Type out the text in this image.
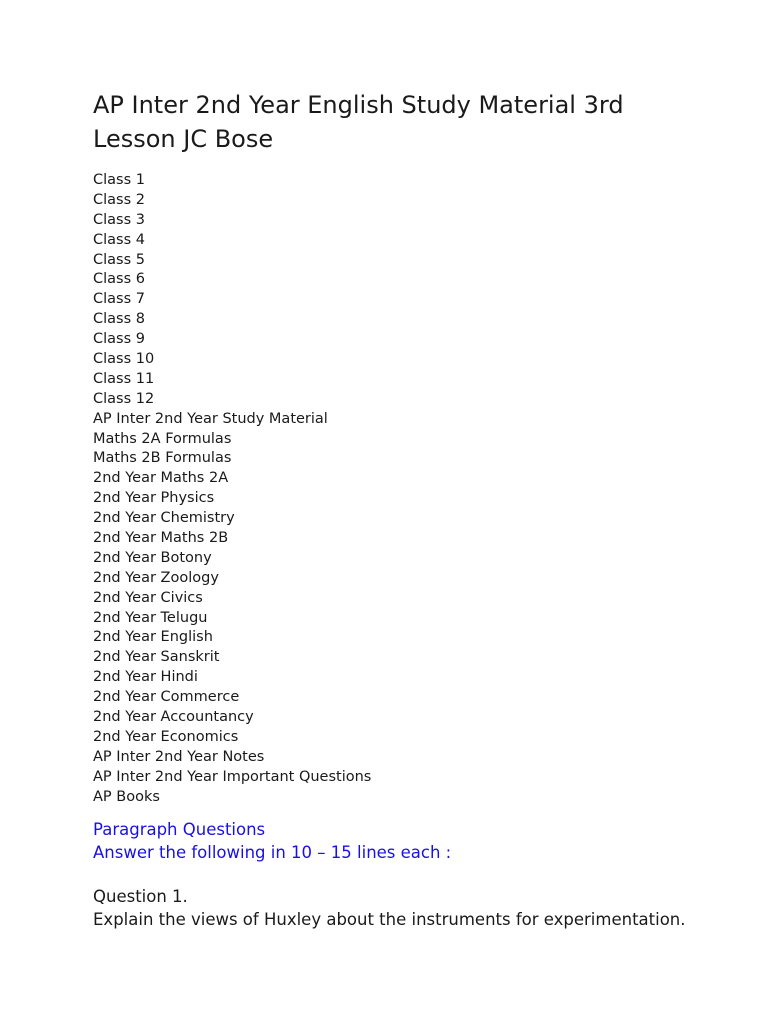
AP Inter 2nd Year English Study Material 3rd Lesson JC Bose
Class 1
Class 2
Class 3
Class 4
Class 5
Class 6
Class 7
Class 8
Class 9
Class 10
Class 11
Class 12
AP Inter 2nd Year Study Material
Maths 2A Formulas
Maths 2B Formulas
2nd Year Maths 2A
2nd Year Physics
2nd Year Chemistry
2nd Year Maths 2B
2nd Year Botony
2nd Year Zoology
2nd Year Civics
2nd Year Telugu
2nd Year English
2nd Year Sanskrit
2nd Year Hindi
2nd Year Commerce
2nd Year Accountancy
2nd Year Economics
AP Inter 2nd Year Notes
AP Inter 2nd Year Important Questions
AP Books
Paragraph Questions
Answer the following in 10 – 15 lines each :
Question 1.
Explain the views of Huxley about the instruments for experimentation.
